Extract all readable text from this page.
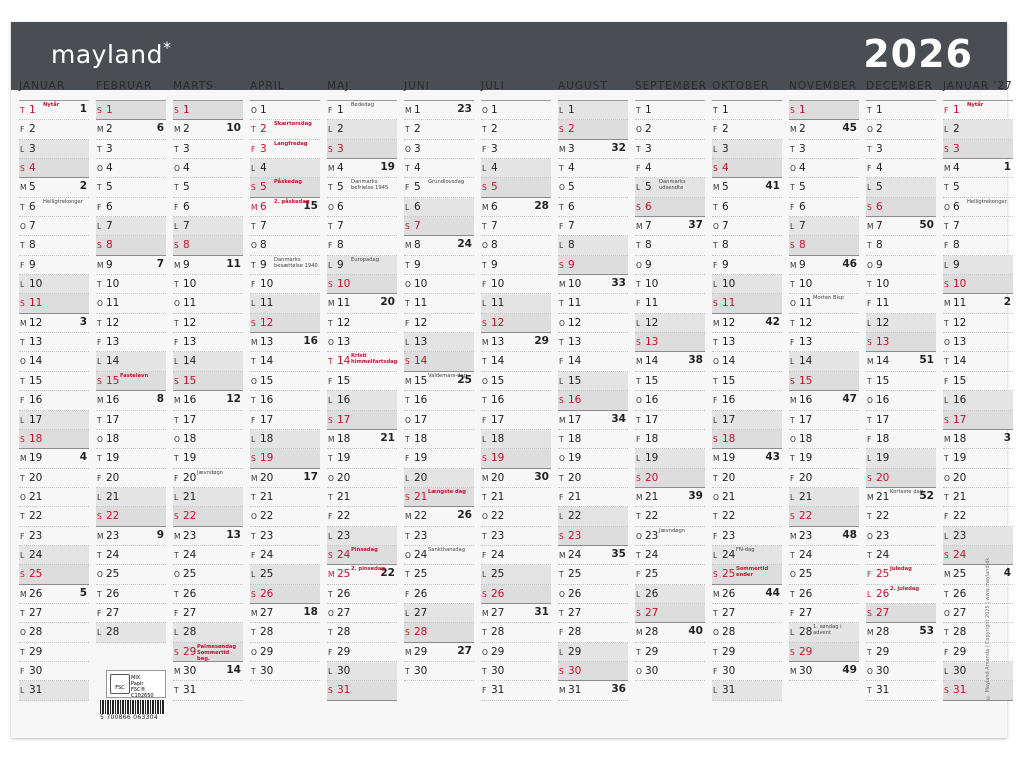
mayland*	2026
JANUAR
T 1	1
Nytår
F 2
L 3
S 4
M 5	2
T 6 Helligtrekonger
O 7
T 8
F 9
L 10
S 11
M 12	3
T 13
O 14
T 15
F 16
L 17
S 18
M 19	4
T 20
O 21
T 22
F 23
L 24
S 25
M 26	5
T 27
O 28
T 29
F 30
L 31
FEBRUAR
S 1
M 2	6
T 3
O 4
T 5
F 6
L 7
S 8
M 9	7
T 10
O 11
T 12
F 13
L 14
S 15 Fastelavn
M 16	8
T 17
O 18
T 19
F 20
L 21
S 22
M 23	9
T 24
O 25
T 26
F 27
L 28
MARTS
S 1
M 2	10
T 3
O 4
T 5
F 6
L 7
S 8
M 9	11
T 10
O 11
T 12
F 13
L 14
S 15
M 16	12
T 17
O 18
T 19
F 20 Jævndøgn
L 21
S 22
M 23	13
T 24
O 25
T 26
F 27
L 28
S 29 Palmesøndag
Sommertid beg.
M 30	14
T 31
APRIL
O 1
T 2 Skærtorsdag
F 3 Langfredag
L 4
S 5 Påskedag
M 6	15
2. påskedag
T 7
O 8
T 9 Danmarks besættelse 1940
F 10
L 11
S 12
M 13	16
T 14
O 15
T 16
F 17
L 18
S 19
M 20	17
T 21
O 22
T 23
F 24
L 25
S 26
M 27	18
T 28
O 29
T 30
MAJ
F 1 Bededag
L 2
S 3
M 4	19
T 5 Danmarks befrielse 1945
O 6
T 7
F 8
L 9 Europadag
S 10
M 11	20
T 12
O 13
T 14 Kristi himmelfartsdag
F 15
L 16
S 17
M 18	21
T 19
O 20
T 21
F 22
L 23
S 24 Pinsedag
M 25	22
2. pinsedag
T 26
O 27
T 28
F 29
L 30
S 31
JUNI
M 1	23
T 2
O 3
T 4
F 5 Grundlovsdag
L 6
S 7
M 8	24
T 9
O 10
T 11
F 12
L 13
S 14
M 15	25
Valdemars-dag
T 16
O 17
T 18
F 19
L 20
S 21 Længste dag
M 22	26
T 23
O 24 Sankthansdag
T 25
F 26
L 27
S 28
M 29	27
T 30
JULI
O 1
T 2
F 3
L 4
S 5
M 6	28
T 7
O 8
T 9
F 10
L 11
S 12
M 13	29
T 14
O 15
T 16
F 17
L 18
S 19
M 20	30
T 21
O 22
T 23
F 24
L 25
S 26
M 27	31
T 28
O 29
T 30
F 31
AUGUST
L 1
S 2
M 3	32
T 4
O 5
T 6
F 7
L 8
S 9
M 10	33
T 11
O 12
T 13
F 14
L 15
S 16
M 17	34
T 18
O 19
T 20
F 21
L 22
S 23
M 24	35
T 25
O 26
T 27
F 28
L 29
S 30
M 31	36
SEPTEMBER
T 1
O 2
T 3
F 4
L 5 Danmarks udsendte
S 6
M 7	37
T 8
O 9
T 10
F 11
L 12
S 13
M 14	38
T 15
O 16
T 17
F 18
L 19
S 20
M 21	39
T 22
O 23 Jævndøgn
T 24
F 25
L 26
S 27
M 28	40
T 29
O 30
OKTOBER
T 1
F 2
L 3
S 4
M 5	41
T 6
O 7
T 8
F 9
L 10
S 11
M 12	42
T 13
O 14
T 15
F 16
L 17
S 18
M 19	43
T 20
O 21
T 22
F 23
L 24 FN-dag
S 25 Sommertid ender
M 26	44
T 27
O 28
T 29
F 30
L 31
NOVEMBER
S 1
M 2	45
T 3
O 4
T 5
F 6
L 7
S 8
M 9	46
T 10
O 11 Morten Bisp
T 12
F 13
L 14
S 15
M 16	47
T 17
O 18
T 19
F 20
L 21
S 22
M 23	48
T 24
O 25
T 26
F 27
L 28 1. søndag i advent
S 29
M 30	49
DECEMBER
T 1
O 2
T 3
F 4
L 5
S 6
M 7	50
T 8
O 9
T 10
F 11
L 12
S 13
M 14	51
T 15
O 16
T 17
F 18
L 19
S 20
M 21	52
Korteste dag
T 22
O 23
T 24
F 25 Juledag
L 26 2. juledag
S 27
M 28	53
T 29
O 30
T 31
JANUAR '27
F 1 Nytår
L 2
S 3
M 4	1
T 5
O 6 Helligtrekonger
T 7
F 8
L 9
S 10
M 11	2
T 12
O 13
T 14
F 15
L 16
S 17
M 18	3
T 19
O 20
T 21
F 22
L 23
S 24
M 25	4
T 26
O 27
T 28
F 29
L 30
S 31	© Mayland Amanda | Copyright 2025 | www.mayland.dk
FSC
MIX
Papir
FSC® C102650
5 700866 063304
